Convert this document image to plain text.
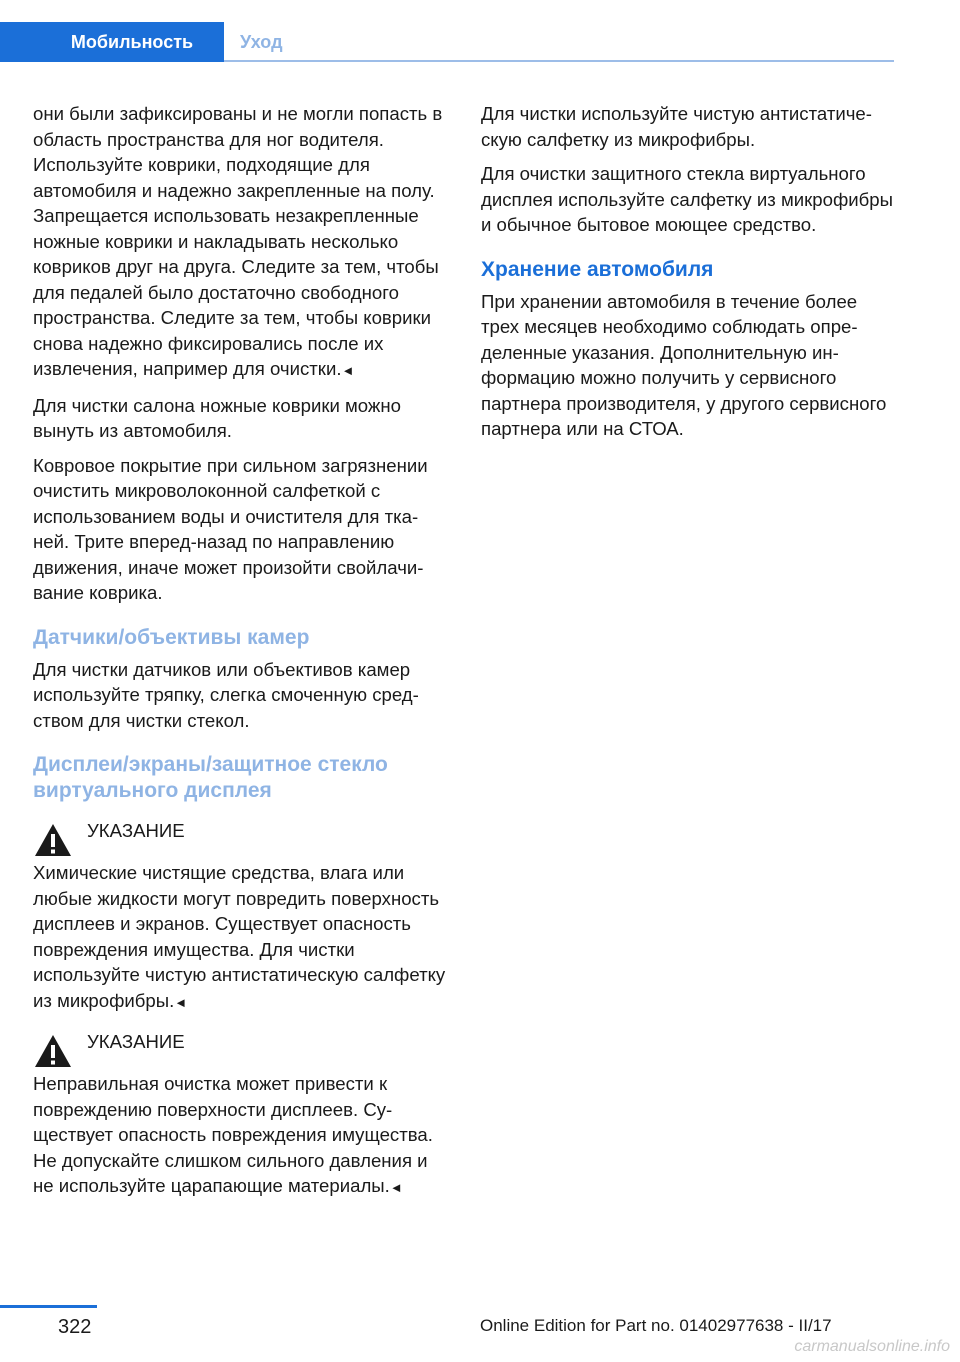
Мобильность	Уход

они были зафиксированы и не могли попасть в область пространства для ног водителя. Используйте коврики, подходящие для автомобиля и надежно закрепленные на полу. Запрещается использовать незакрепленные ножные коврики и накладывать несколько ковриков друг на друга. Следите за тем, чтобы для педалей было достаточно свободного пространства. Следите за тем, чтобы коврики снова надежно фиксировались после их извлечения, например для очистки.◄

Для чистки салона ножные коврики можно вынуть из автомобиля.

Ковровое покрытие при сильном загрязнении очистить микроволоконной салфеткой с использованием воды и очистителя для тканей. Трите вперед-назад по направлению движения, иначе может произойти свойлачивание коврика.

Датчики/объективы камер

Для чистки датчиков или объективов камер используйте тряпку, слегка смоченную средством для чистки стекол.

Дисплеи/экраны/защитное стекло виртуального дисплея
УКАЗАНИЕ

Химические чистящие средства, влага или любые жидкости могут повредить поверхность дисплеев и экранов. Существует опасность повреждения имущества. Для чистки используйте чистую антистатическую салфетку из микрофибры.◄

УКАЗАНИЕ

Неправильная очистка может привести к повреждению поверхности дисплеев. Существует опасность повреждения имущества. Не допускайте слишком сильного давления и не используйте царапающие материалы.◄

Для чистки используйте чистую антистатическую салфетку из микрофибры.

Для очистки защитного стекла виртуального дисплея используйте салфетку из микрофибры и обычное бытовое моющее средство.

Хранение автомобиля

При хранении автомобиля в течение более трех месяцев необходимо соблюдать определенные указания. Дополнительную информацию можно получить у сервисного партнера производителя, у другого сервисного партнера или на СТОА.

322	Online Edition for Part no. 01402977638 - II/17
carmanualsonline.info
